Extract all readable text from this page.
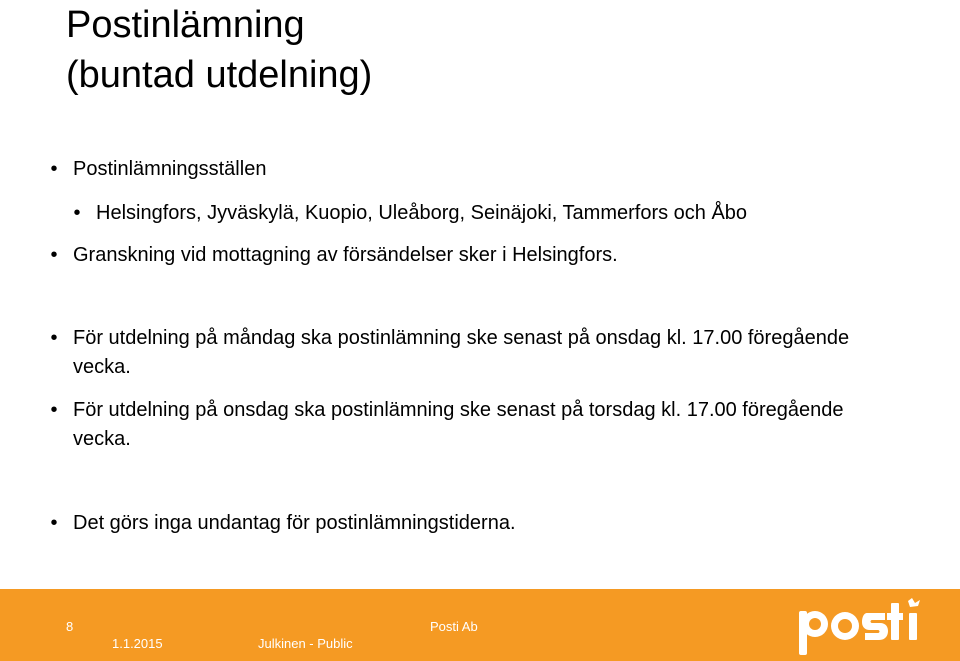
Postinlämning
(buntad utdelning)
• Postinlämningsställen
• Helsingfors, Jyväskylä, Kuopio, Uleåborg, Seinäjoki, Tammerfors och Åbo
• Granskning vid mottagning av försändelser sker i Helsingfors.
• För utdelning på måndag ska postinlämning ske senast på onsdag kl. 17.00 föregående vecka.
• För utdelning på onsdag ska postinlämning ske senast på torsdag kl. 17.00 föregående vecka.
• Det görs inga undantag för postinlämningstiderna.
8	Posti Ab
1.1.2015	Julkinen - Public
